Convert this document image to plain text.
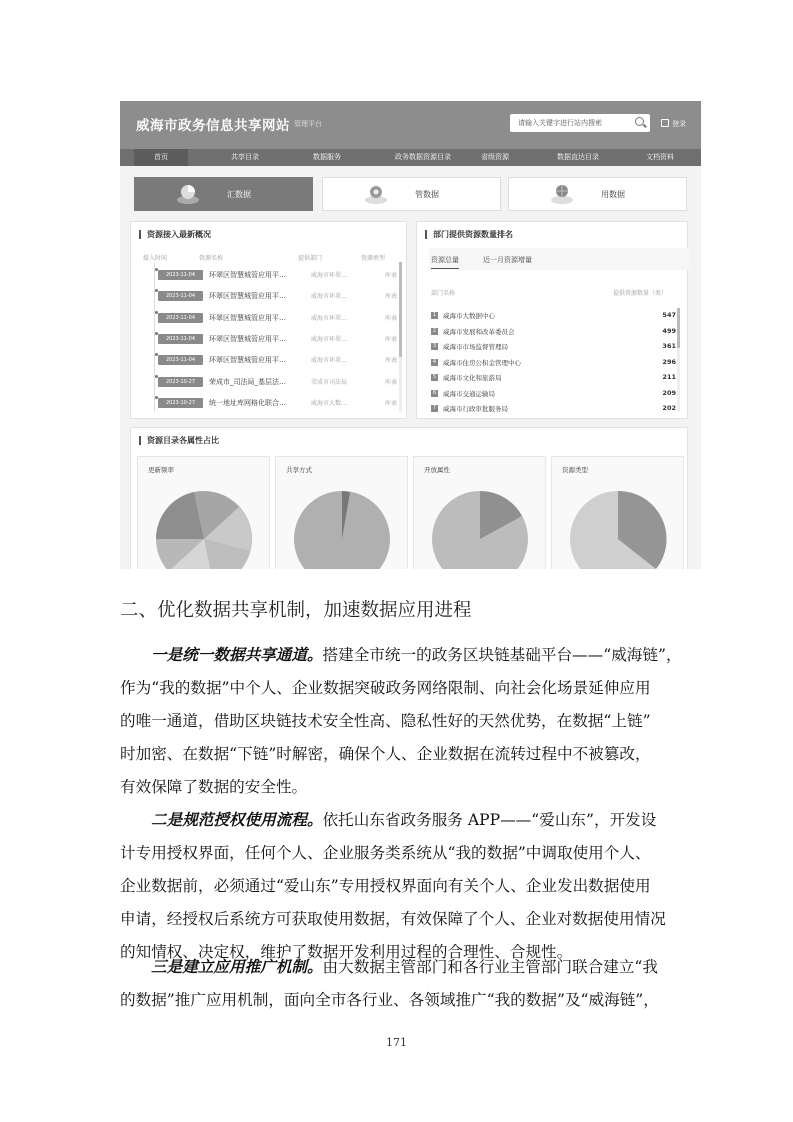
威海市政务信息共享网站 管理平台	请输入关键字进行站内搜索	登录
首页	共享目录	数据服务	政务数据资源目录	省级资源	数据直达目录	文档资料
汇数据	管数据	用数据
资源接入最新概况
接入时间	资源名称	提供部门	资源类型
2023-11-04	环翠区智慧城管应用平…	威海市环翠…	库表
2023-11-04	环翠区智慧城管应用平…	威海市环翠…	库表
2023-11-04	环翠区智慧城管应用平…	威海市环翠…	库表
2023-11-04	环翠区智慧城管应用平…	威海市环翠…	库表
2023-11-04	环翠区智慧城管应用平…	威海市环翠…	库表
2023-10-27	荣成市_司法局_基层法…	荣成市司法局	库表
2023-10-27	统一地址库网格化联合…	威海市大数…	库表
部门提供资源数量排名
资源总量	近一月资源增量
部门名称	提供资源数量（类）
1 威海市大数据中心	547
2 威海市发展和改革委员会	499
3 威海市市场监督管理局	361
4 威海市住房公积金管理中心	296
5 威海市文化和旅游局	211
6 威海市交通运输局	209
7 威海市行政审批服务局	202
资源目录各属性占比
更新频率	共享方式	开放属性	资源类型
二、优化数据共享机制，加速数据应用进程
一是统一数据共享通道。搭建全市统一的政务区块链基础平台——“威海链”，
作为“我的数据”中个人、企业数据突破政务网络限制、向社会化场景延伸应用
的唯一通道，借助区块链技术安全性高、隐私性好的天然优势，在数据“上链”
时加密、在数据“下链”时解密，确保个人、企业数据在流转过程中不被篡改，
有效保障了数据的安全性。
二是规范授权使用流程。依托山东省政务服务 APP——“爱山东”，开发设
计专用授权界面，任何个人、企业服务类系统从“我的数据”中调取使用个人、
企业数据前，必须通过“爱山东”专用授权界面向有关个人、企业发出数据使用
申请，经授权后系统方可获取使用数据，有效保障了个人、企业对数据使用情况
的知情权、决定权，维护了数据开发利用过程的合理性、合规性。
三是建立应用推广机制。由大数据主管部门和各行业主管部门联合建立“我
的数据”推广应用机制，面向全市各行业、各领域推广“我的数据”及“威海链”，
171
